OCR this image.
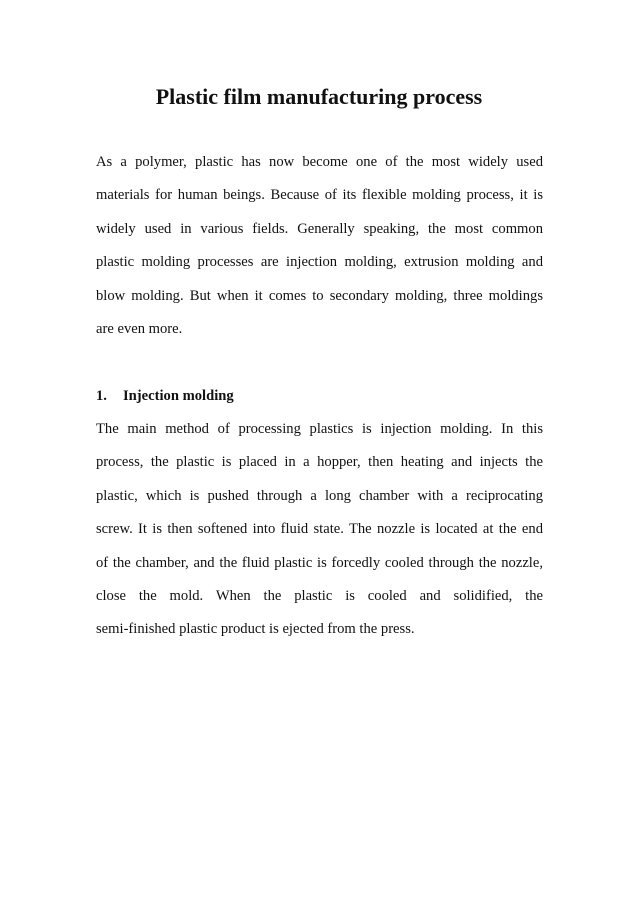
Plastic film manufacturing process

As a polymer, plastic has now become one of the most widely used
materials for human beings. Because of its flexible molding process, it is
widely used in various fields. Generally speaking, the most common
plastic molding processes are injection molding, extrusion molding and
blow molding. But when it comes to secondary molding, three moldings
are even more.

1. Injection molding

The main method of processing plastics is injection molding. In this
process, the plastic is placed in a hopper, then heating and injects the
plastic, which is pushed through a long chamber with a reciprocating
screw. It is then softened into fluid state. The nozzle is located at the end
of the chamber, and the fluid plastic is forcedly cooled through the nozzle,
close the mold. When the plastic is cooled and solidified, the
semi-finished plastic product is ejected from the press.
